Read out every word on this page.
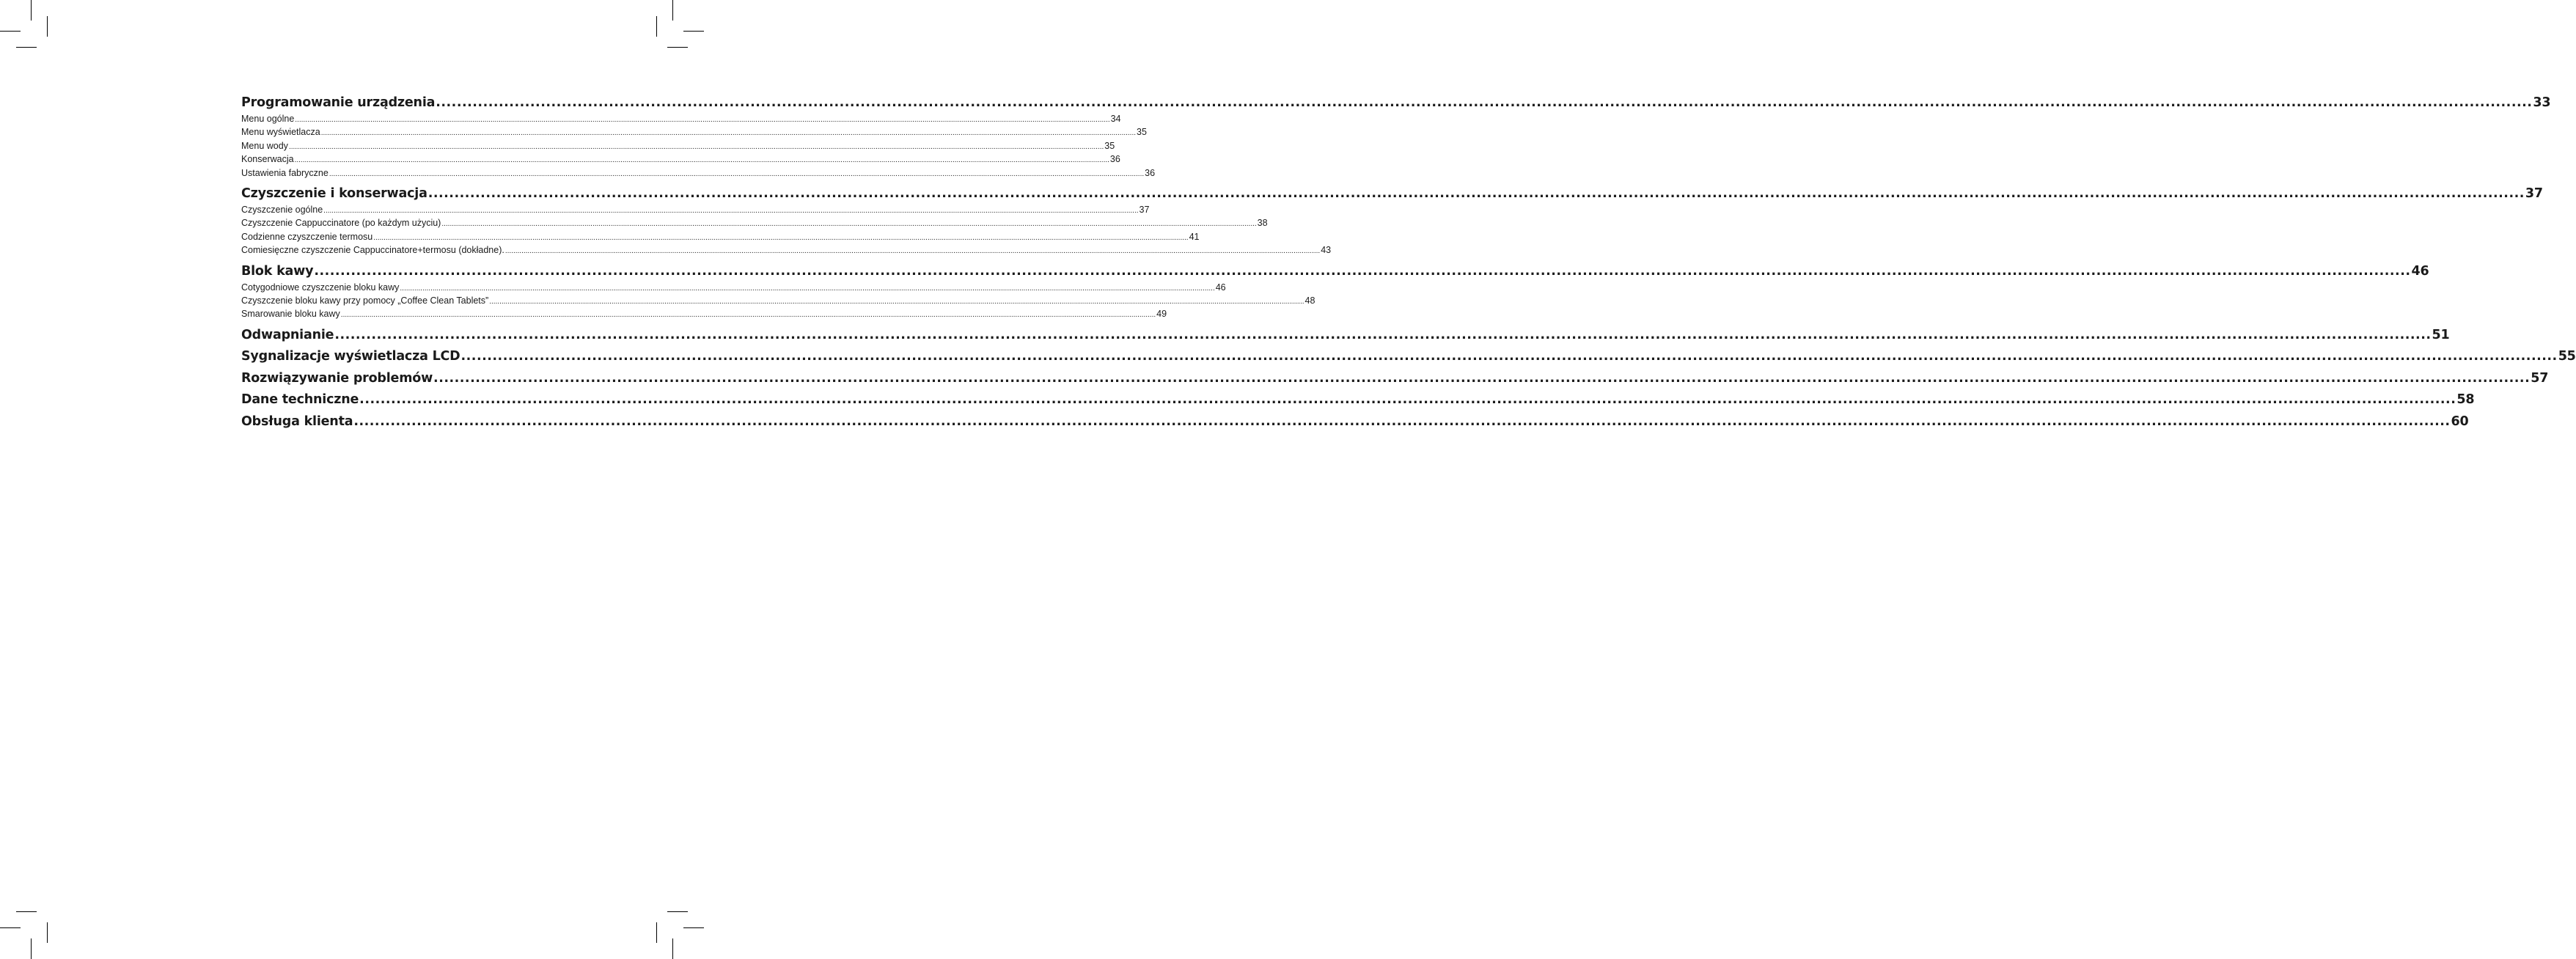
Programowanie urządzenia ................................................................................................................................................................................................................................................................................................................................................................................................................ 33
Menu ogólne ................................................................................................................................................................................................................................................................................................................................................................................................................ 34
Menu wyświetlacza ................................................................................................................................................................................................................................................................................................................................................................................................................ 35
Menu wody ................................................................................................................................................................................................................................................................................................................................................................................................................ 35
Konserwacja ................................................................................................................................................................................................................................................................................................................................................................................................................ 36
Ustawienia fabryczne ................................................................................................................................................................................................................................................................................................................................................................................................................ 36
Czyszczenie i konserwacja ................................................................................................................................................................................................................................................................................................................................................................................................................ 37
Czyszczenie ogólne ................................................................................................................................................................................................................................................................................................................................................................................................................ 37
Czyszczenie Cappuccinatore (po każdym użyciu) ................................................................................................................................................................................................................................................................................................................................................................................................................ 38
Codzienne czyszczenie termosu ................................................................................................................................................................................................................................................................................................................................................................................................................ 41
Comiesięczne czyszczenie Cappuccinatore+termosu (dokładne). ................................................................................................................................................................................................................................................................................................................................................................................................................ 43
Blok kawy ................................................................................................................................................................................................................................................................................................................................................................................................................ 46
Cotygodniowe czyszczenie bloku kawy ................................................................................................................................................................................................................................................................................................................................................................................................................ 46
Czyszczenie bloku kawy przy pomocy „Coffee Clean Tablets” ................................................................................................................................................................................................................................................................................................................................................................................................................ 48
Smarowanie bloku kawy ................................................................................................................................................................................................................................................................................................................................................................................................................ 49
Odwapnianie ................................................................................................................................................................................................................................................................................................................................................................................................................ 51
Sygnalizacje wyświetlacza LCD ................................................................................................................................................................................................................................................................................................................................................................................................................ 55
Rozwiązywanie problemów ................................................................................................................................................................................................................................................................................................................................................................................................................ 57
Dane techniczne ................................................................................................................................................................................................................................................................................................................................................................................................................ 58
Obsługa klienta ................................................................................................................................................................................................................................................................................................................................................................................................................ 60
